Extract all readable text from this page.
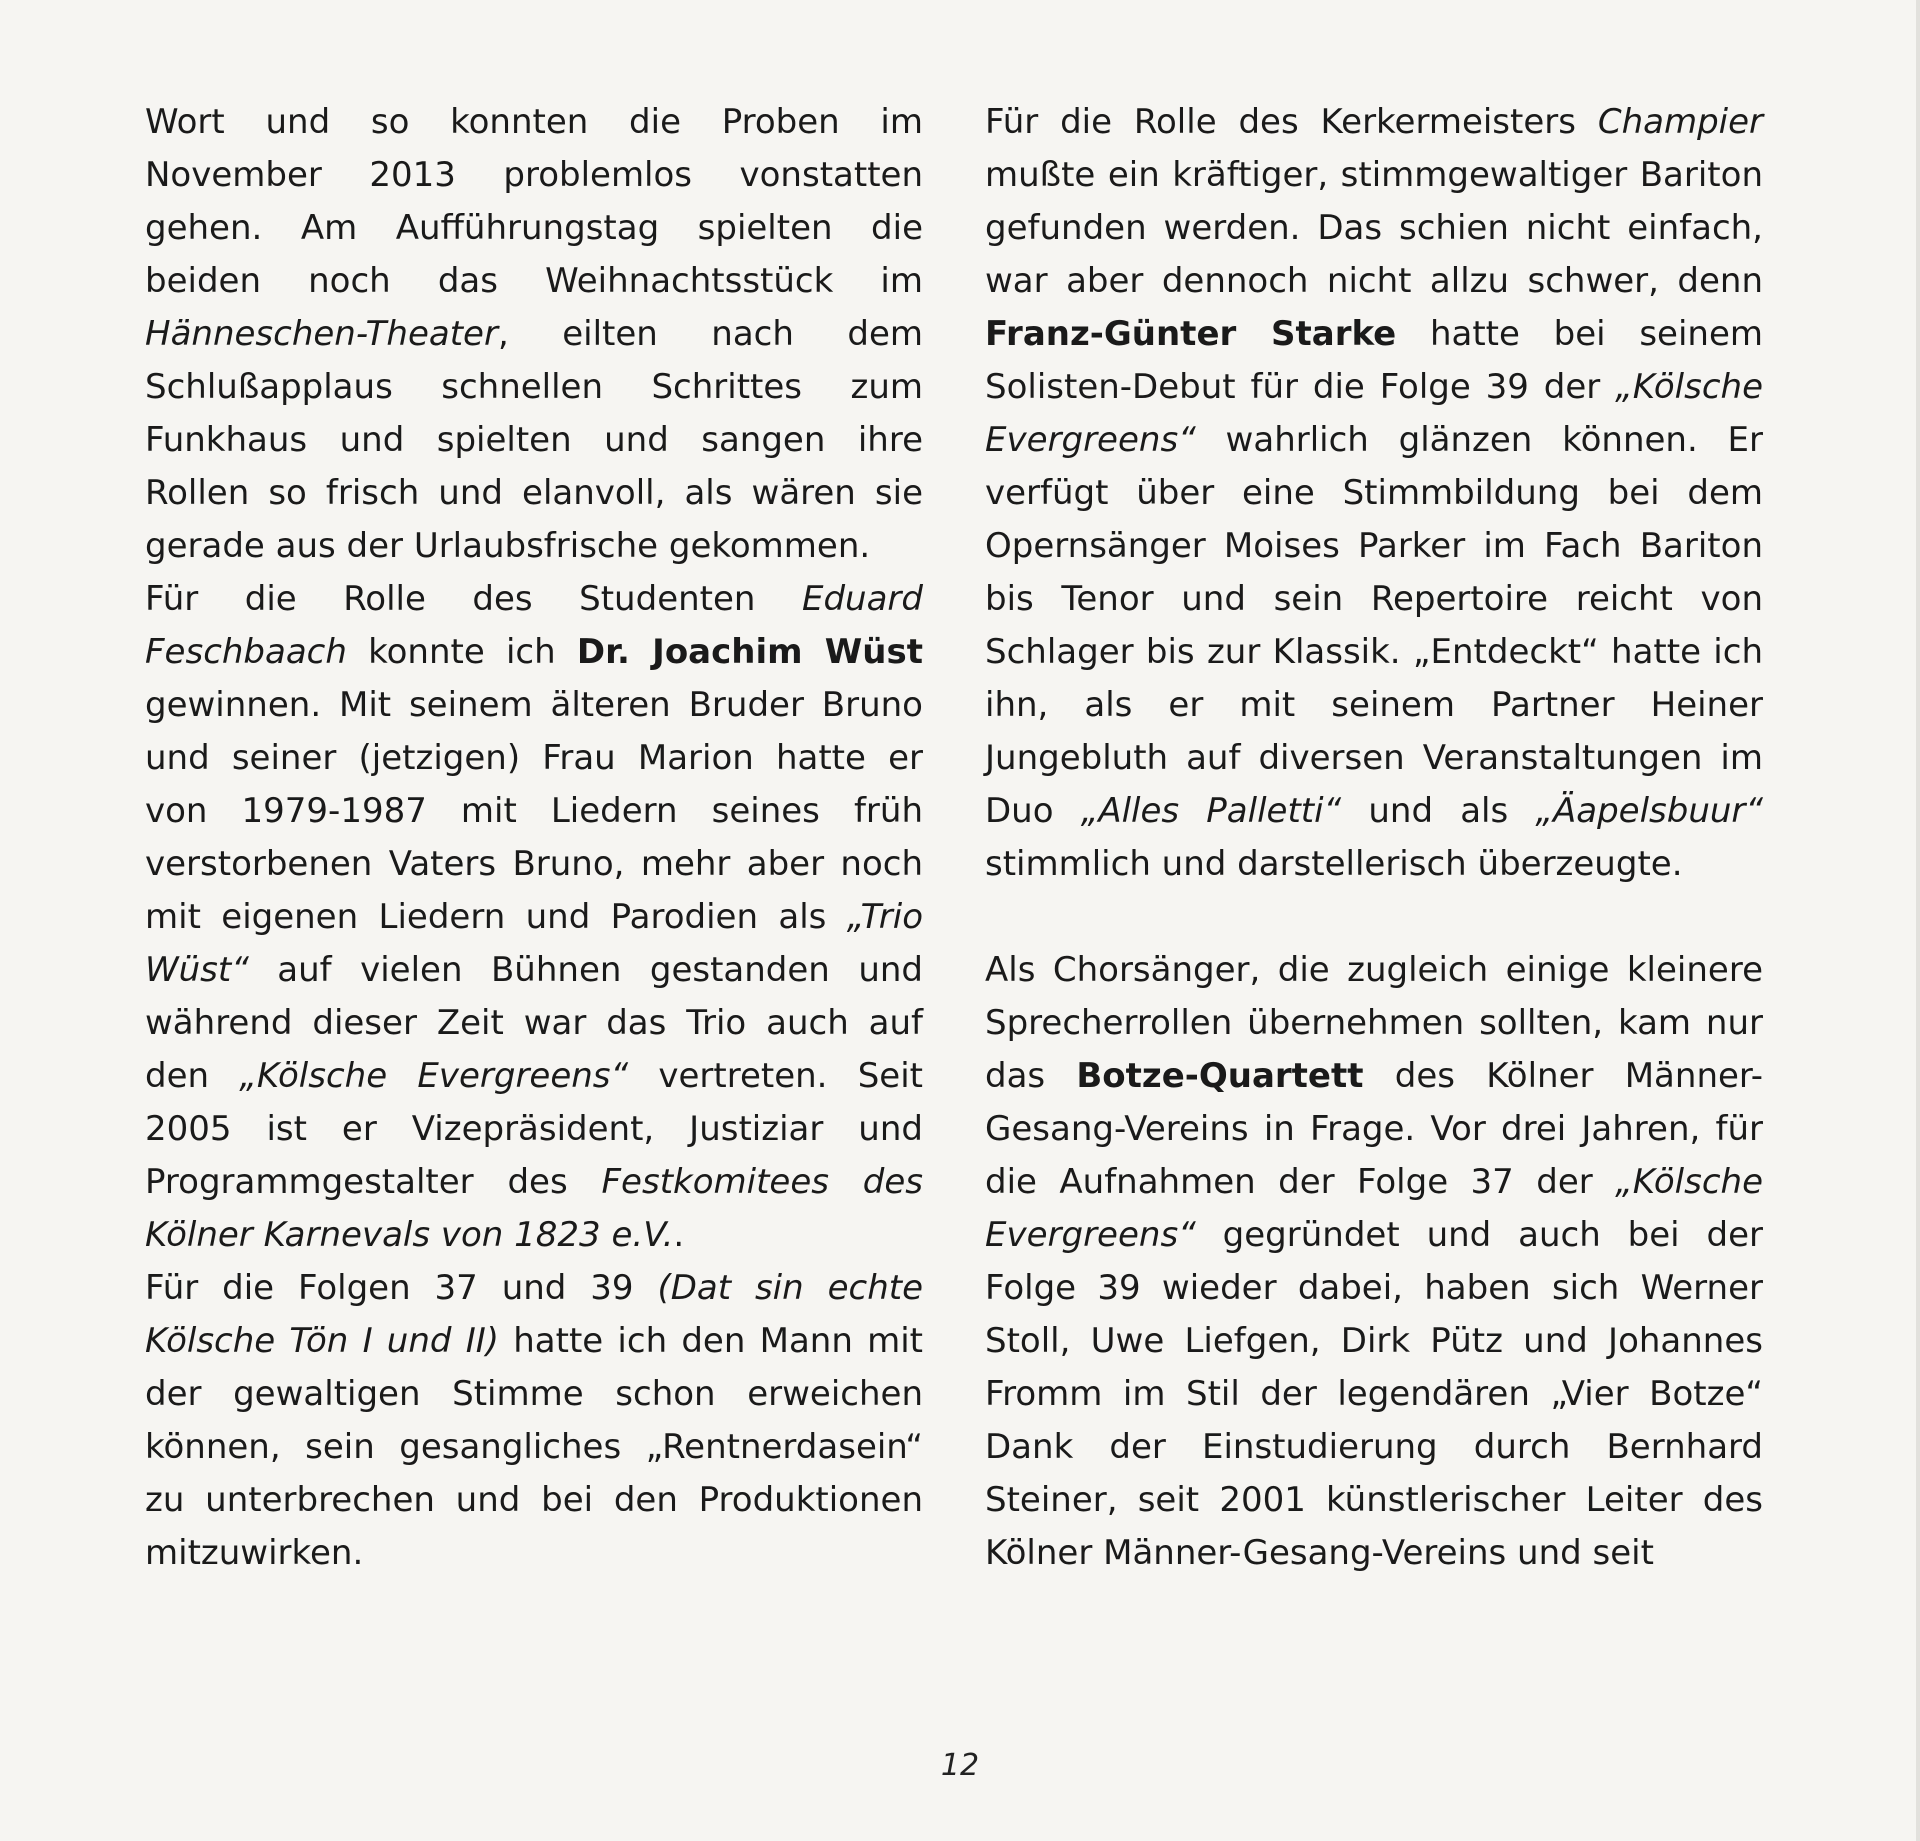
Wort und so konnten die Proben im November 2013 problemlos vonstatten gehen. Am Aufführungstag spielten die beiden noch das Weihnachtsstück im Hänneschen-Theater, eilten nach dem Schlußapplaus schnellen Schrittes zum Funkhaus und spielten und sangen ihre Rollen so frisch und elanvoll, als wären sie gerade aus der Urlaubsfrische gekommen.

Für die Rolle des Studenten Eduard Feschbaach konnte ich Dr. Joachim Wüst gewinnen. Mit seinem älteren Bruder Bruno und seiner (jetzigen) Frau Marion hatte er von 1979-1987 mit Liedern seines früh verstorbenen Vaters Bruno, mehr aber noch mit eigenen Liedern und Parodien als „Trio Wüst“ auf vielen Bühnen gestanden und während dieser Zeit war das Trio auch auf den „Kölsche Evergreens“ vertreten. Seit 2005 ist er Vizepräsident, Justiziar und Programmgestalter des Festkomitees des Kölner Karnevals von 1823 e.V..

Für die Folgen 37 und 39 (Dat sin echte Kölsche Tön I und II) hatte ich den Mann mit der gewaltigen Stimme schon erweichen können, sein gesangliches „Rentnerdasein“ zu unterbrechen und bei den Produktionen mitzuwirken.

Für die Rolle des Kerkermeisters Champier mußte ein kräftiger, stimmgewaltiger Bariton gefunden werden. Das schien nicht einfach, war aber dennoch nicht allzu schwer, denn Franz-Günter Starke hatte bei seinem Solisten-Debut für die Folge 39 der „Kölsche Evergreens“ wahrlich glänzen können. Er verfügt über eine Stimmbildung bei dem Opernsänger Moises Parker im Fach Bariton bis Tenor und sein Repertoire reicht von Schlager bis zur Klassik. „Entdeckt“ hatte ich ihn, als er mit seinem Partner Heiner Jungebluth auf diversen Veranstaltungen im Duo „Alles Palletti“ und als „Äapelsbuur“ stimmlich und darstellerisch überzeugte.

Als Chorsänger, die zugleich einige kleinere Sprecherrollen übernehmen sollten, kam nur das Botze-Quartett des Kölner Männer-Gesang-Vereins in Frage. Vor drei Jahren, für die Aufnahmen der Folge 37 der „Kölsche Evergreens“ gegründet und auch bei der Folge 39 wieder dabei, haben sich Werner Stoll, Uwe Liefgen, Dirk Pütz und Johannes Fromm im Stil der legendären „Vier Botze“ Dank der Einstudierung durch Bernhard Steiner, seit 2001 künstlerischer Leiter des Kölner Männer-Gesang-Vereins und seit

12
